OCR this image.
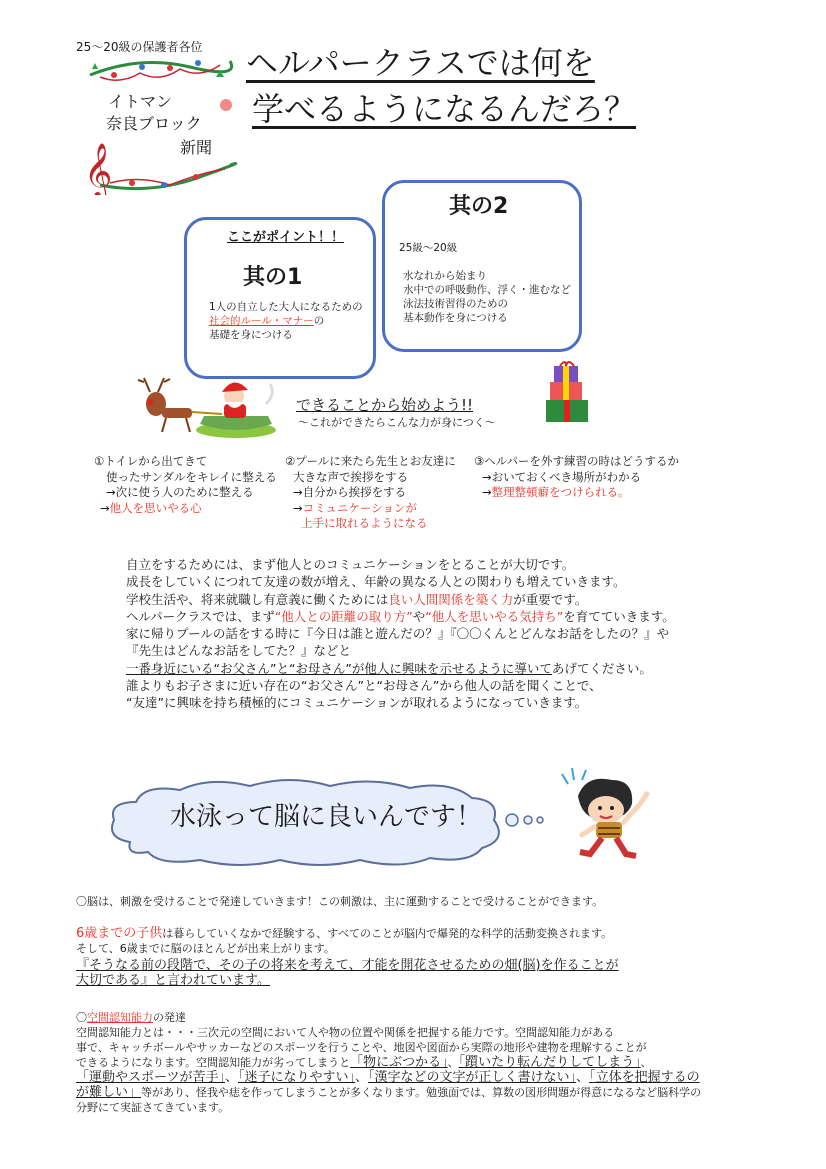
25～20級の保護者各位
𝄞
イトマン
奈良ブロック
新聞
ヘルパークラスでは何を
学べるようになるんだろ？
ここがポイント！！
其の1
1人の自立した大人になるための
社会的ルール・マナーの
基礎を身につける
其の2
25級～20級
水なれから始まり
水中での呼吸動作、浮く・進むなど
泳法技術習得のための
基本動作を身につける
できることから始めよう!!
～これができたらこんな力が身につく～
①トイレから出てきて
使ったサンダルをキレイに整える
→次に使う人のために整える
→他人を思いやる心
②プールに来たら先生とお友達に
大きな声で挨拶をする
→自分から挨拶をする
→コミュニケーションが
上手に取れるようになる
③ヘルパーを外す練習の時はどうするか
→おいておくべき場所がわかる
→整理整頓癖をつけられる。

自立をするためには、まず他人とのコミュニケーションをとることが大切です。

成長をしていくにつれて友達の数が増え、年齢の異なる人との関わりも増えていきます。

学校生活や、将来就職し有意義に働くためには良い人間関係を築く力が重要です。

ヘルパークラスでは、まず“他人との距離の取り方”や“他人を思いやる気持ち”を育てていきます。

家に帰りプールの話をする時に『今日は誰と遊んだの？』『〇〇くんとどんなお話をしたの？』や

『先生はどんなお話をしてた？』などと

一番身近にいる“お父さん”と“お母さん”が他人に興味を示せるように導いてあげてください。

誰よりもお子さまに近い存在の“お父さん”と“お母さん”から他人の話を聞くことで、

“友達”に興味を持ち積極的にコミュニケーションが取れるようになっていきます。

水泳って脳に良いんです！
〇脳は、刺激を受けることで発達していきます！この刺激は、主に運動することで受けることができます。
6歳までの子供は暮らしていくなかで経験する、すべてのことが脳内で爆発的な科学的活動変換されます。
そして、6歳までに脳のほとんどが出来上がります。
『そうなる前の段階で、その子の将来を考えて、才能を開花させるための畑(脳)を作ることが
大切である』と言われています。
〇空間認知能力の発達
空間認知能力とは・・・三次元の空間において人や物の位置や関係を把握する能力です。空間認知能力がある
事で、キャッチボールやサッカーなどのスポーツを行うことや、地図や図面から実際の地形や建物を理解することが
できるようになります。空間認知能力が劣ってしまうと「物にぶつかる」、「躓いたり転んだりしてしまう」、
「運動やスポーツが苦手」、「迷子になりやすい」、「漢字などの文字が正しく書けない」、「立体を把握するの
が難しい」等があり、怪我や痣を作ってしまうことが多くなります。勉強面では、算数の図形問題が得意になるなど脳科学の
分野にて実証さてきています。
